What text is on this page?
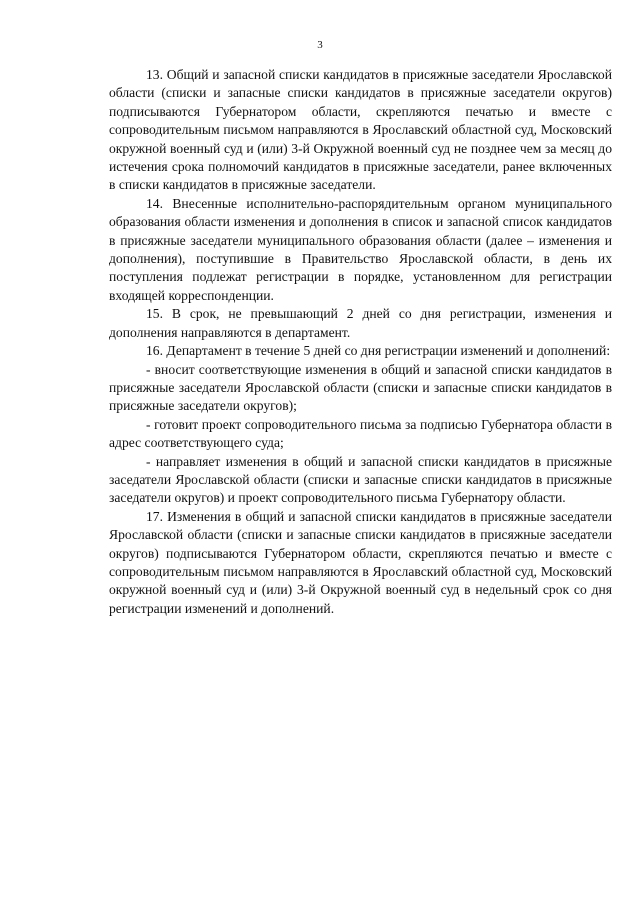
3

13. Общий и запасной списки кандидатов в присяжные заседатели Ярославской области (списки и запасные списки кандидатов в присяжные заседатели округов) подписываются Губернатором области, скрепляются печатью и вместе с сопроводительным письмом направляются в Ярославский областной суд, Московский окружной военный суд и (или) 3-й Окружной военный суд не позднее чем за месяц до истечения срока полномочий кандидатов в присяжные заседатели, ранее включенных в списки кандидатов в присяжные заседатели.

14. Внесенные исполнительно-распорядительным органом муниципального образования области изменения и дополнения в список и запасной список кандидатов в присяжные заседатели муниципального образования области (далее – изменения и дополнения), поступившие в Правительство Ярославской области, в день их поступления подлежат регистрации в порядке, установленном для регистрации входящей корреспонденции.

15. В срок, не превышающий 2 дней со дня регистрации, изменения и дополнения направляются в департамент.

16. Департамент в течение 5 дней со дня регистрации изменений и дополнений:

- вносит соответствующие изменения в общий и запасной списки кандидатов в присяжные заседатели Ярославской области (списки и запасные списки кандидатов в присяжные заседатели округов);

- готовит проект сопроводительного письма за подписью Губернатора области в адрес соответствующего суда;

- направляет изменения в общий и запасной списки кандидатов в присяжные заседатели Ярославской области (списки и запасные списки кандидатов в присяжные заседатели округов) и проект сопроводительного письма Губернатору области.

17. Изменения в общий и запасной списки кандидатов в присяжные заседатели Ярославской области (списки и запасные списки кандидатов в присяжные заседатели округов) подписываются Губернатором области, скрепляются печатью и вместе с сопроводительным письмом направляются в Ярославский областной суд, Московский окружной военный суд и (или) 3-й Окружной военный суд в недельный срок со дня регистрации изменений и дополнений.
